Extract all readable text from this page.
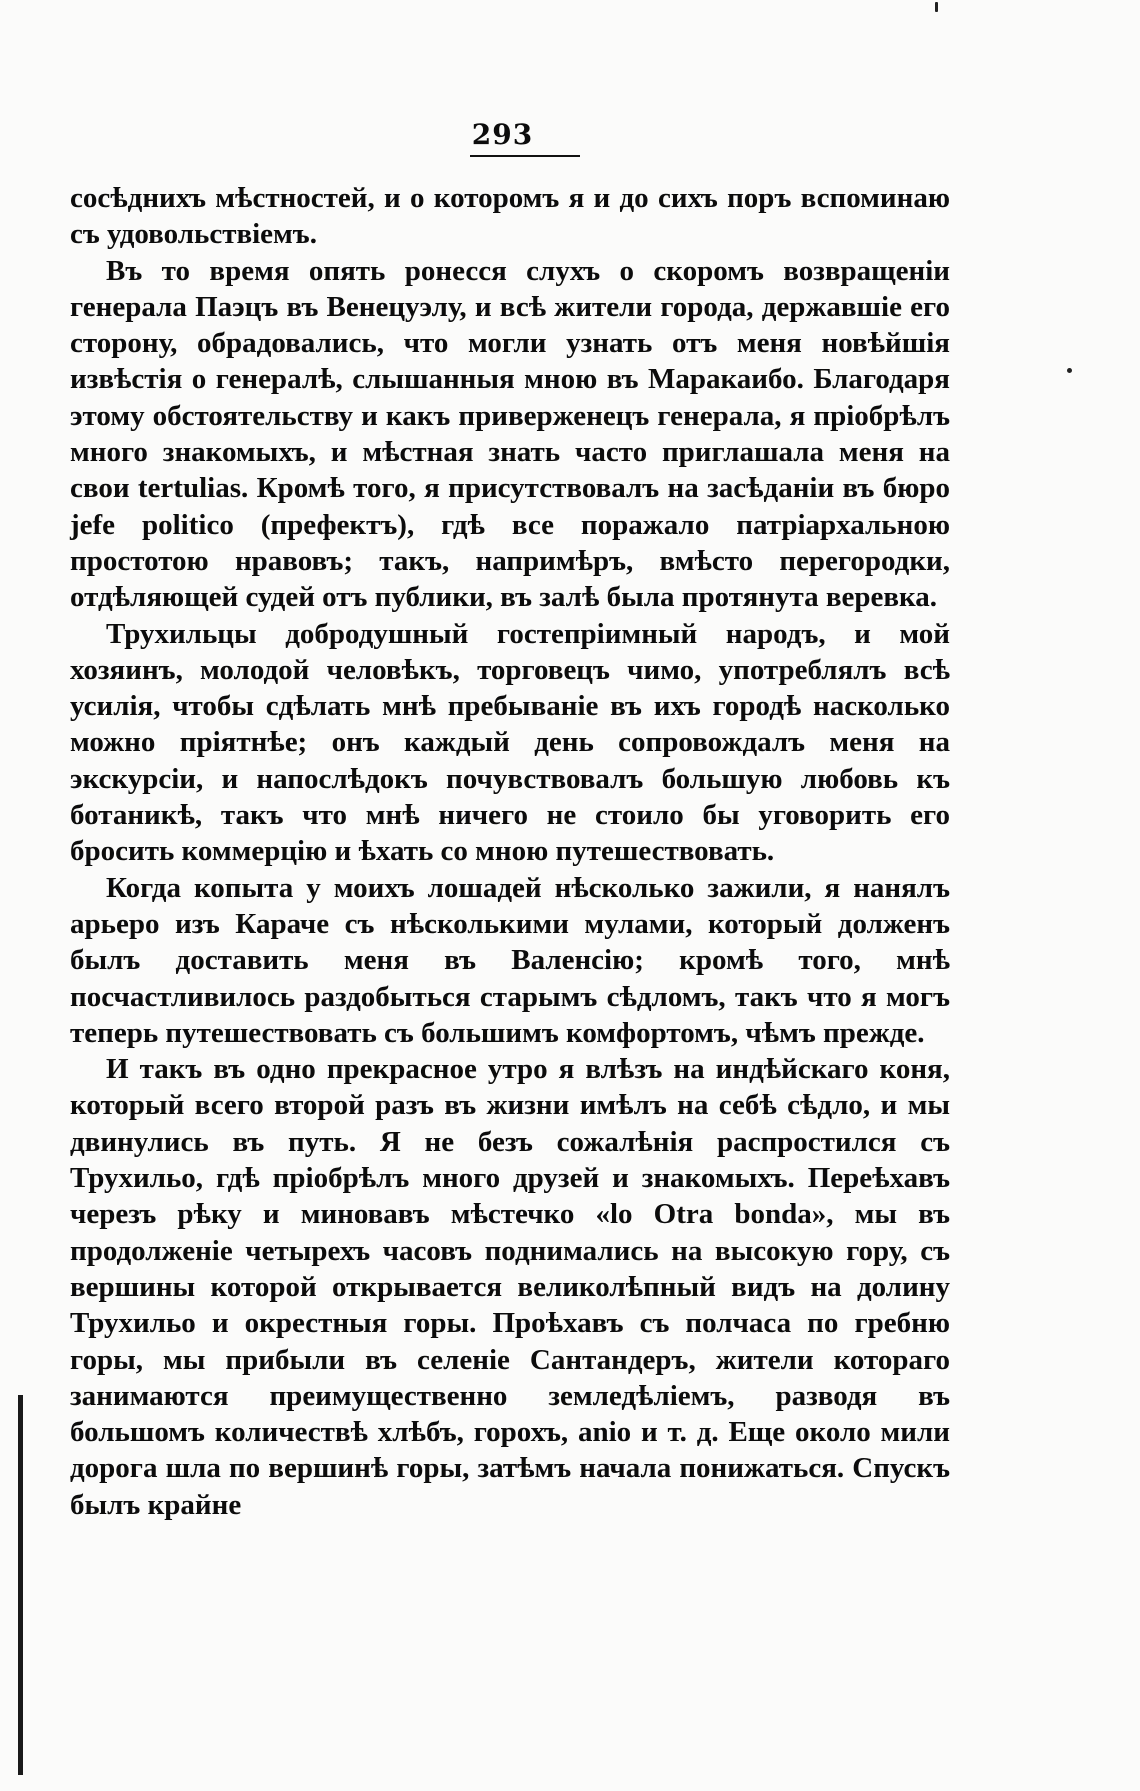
293

сосѣднихъ мѣстностей, и о которомъ я и до сихъ поръ вспоминаю съ удовольствiемъ.

Въ то время опять ронесся слухъ о скоромъ возвращенiи генерала Паэцъ въ Венецуэлу, и всѣ жители города, державшiе его сторону, обрадовались, что могли узнать отъ меня новѣйшiя извѣстiя о генералѣ, слышанныя мною въ Маракаибо. Благодаря этому обстоятельству и какъ приверженецъ генерала, я прiобрѣлъ много знакомыхъ, и мѣстная знать часто приглашала меня на свои tertulias. Кромѣ того, я присутствовалъ на засѣданiи въ бюро jefe politico (префектъ), гдѣ все поражало патрiархальною простотою нравовъ; такъ, напримѣръ, вмѣсто перегородки, отдѣляющей судей отъ публики, въ залѣ была протянута веревка.

Трухильцы добродушный гостепрiимный народъ, и мой хозяинъ, молодой человѣкъ, торговецъ чимо, употреблялъ всѣ усилiя, чтобы сдѣлать мнѣ пребыванiе въ ихъ городѣ насколько можно прiятнѣе; онъ каждый день сопровождалъ меня на экскурсiи, и напослѣдокъ почувствовалъ большую любовь къ ботаникѣ, такъ что мнѣ ничего не стоило бы уговорить его бросить коммерцiю и ѣхать со мною путешествовать.

Когда копыта у моихъ лошадей нѣсколько зажили, я нанялъ арьеро изъ Караче съ нѣсколькими мулами, который долженъ былъ доставить меня въ Валенсiю; кромѣ того, мнѣ посчастливилось раздобыться старымъ сѣдломъ, такъ что я могъ теперь путешествовать съ большимъ комфортомъ, чѣмъ прежде.

И такъ въ одно прекрасное утро я влѣзъ на индѣйскаго коня, который всего второй разъ въ жизни имѣлъ на себѣ сѣдло, и мы двинулись въ путь. Я не безъ сожалѣнiя распростился съ Трухильо, гдѣ прiобрѣлъ много друзей и знакомыхъ. Переѣхавъ черезъ рѣку и миновавъ мѣстечко «lo Otra bonda», мы въ продолженiе четырехъ часовъ поднимались на высокую гору, съ вершины которой открывается великолѣпный видъ на долину Трухильо и окрестныя горы. Проѣхавъ съ полчаса по гребню горы, мы прибыли въ селенiе Сантандеръ, жители котораго занимаются преимущественно земледѣлiемъ, разводя въ большомъ количествѣ хлѣбъ, горохъ, anio и т. д. Еще около мили дорога шла по вершинѣ горы, затѣмъ начала понижаться. Спускъ былъ крайне
